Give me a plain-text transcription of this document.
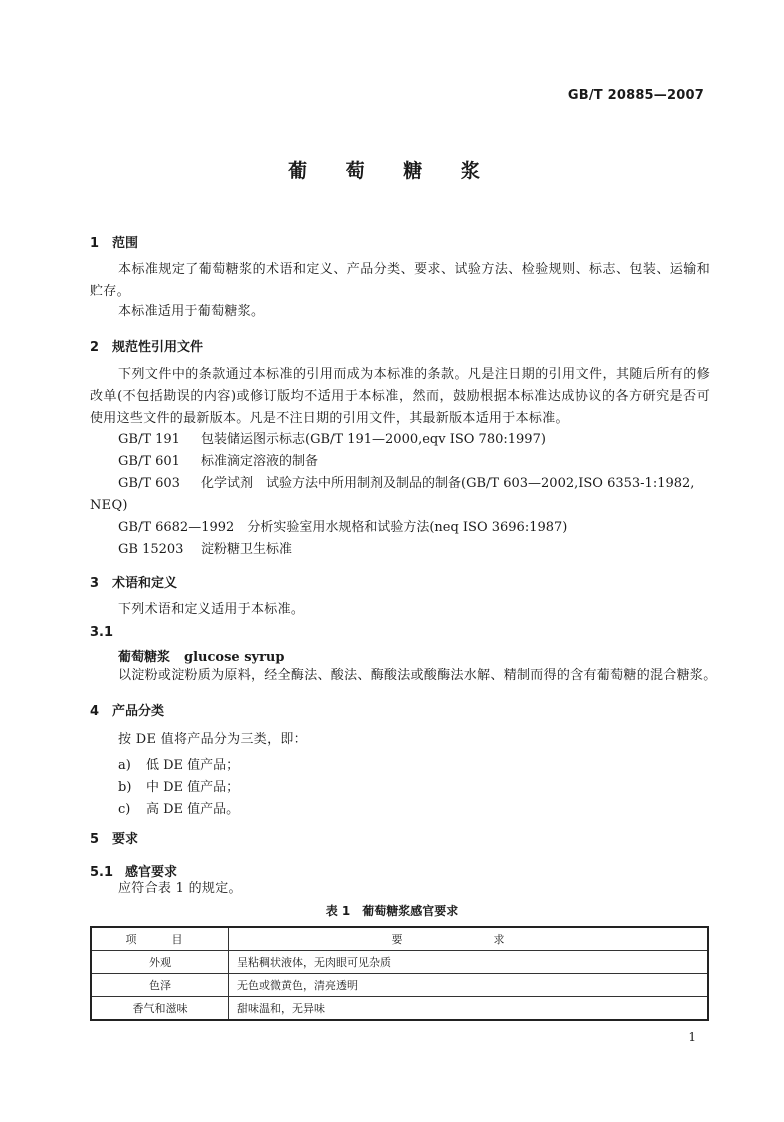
GB/T 20885—2007
葡 萄 糖 浆
1 范围
本标准规定了葡萄糖浆的术语和定义、产品分类、要求、试验方法、检验规则、标志、包装、运输和贮存。
本标准适用于葡萄糖浆。
2 规范性引用文件
下列文件中的条款通过本标准的引用而成为本标准的条款。凡是注日期的引用文件，其随后所有的修改单(不包括勘误的内容)或修订版均不适用于本标准，然而，鼓励根据本标准达成协议的各方研究是否可使用这些文件的最新版本。凡是不注日期的引用文件，其最新版本适用于本标准。
GB/T 191　 包装储运图示标志(GB/T 191—2000,eqv ISO 780:1997)
GB/T 601　 标准滴定溶液的制备
GB/T 603　 化学试剂　试验方法中所用制剂及制品的制备(GB/T 603—2002,ISO 6353-1:1982,
NEQ)
GB/T 6682—1992　 分析实验室用水规格和试验方法(neq ISO 3696:1987)
GB 15203　 淀粉糖卫生标准
3 术语和定义
下列术语和定义适用于本标准。
3.1
葡萄糖浆 glucose syrup
以淀粉或淀粉质为原料，经全酶法、酸法、酶酸法或酸酶法水解、精制而得的含有葡萄糖的混合糖浆。
4 产品分类
按 DE 值将产品分为三类，即：
a) 低 DE 值产品；
b) 中 DE 值产品；
c) 高 DE 值产品。
5 要求
5.1 感官要求
应符合表 1 的规定。
表 1　葡萄糖浆感官要求
项　目	要　求
外观	呈粘稠状液体，无肉眼可见杂质
色泽	无色或微黄色，清亮透明
香气和滋味	甜味温和，无异味
1
